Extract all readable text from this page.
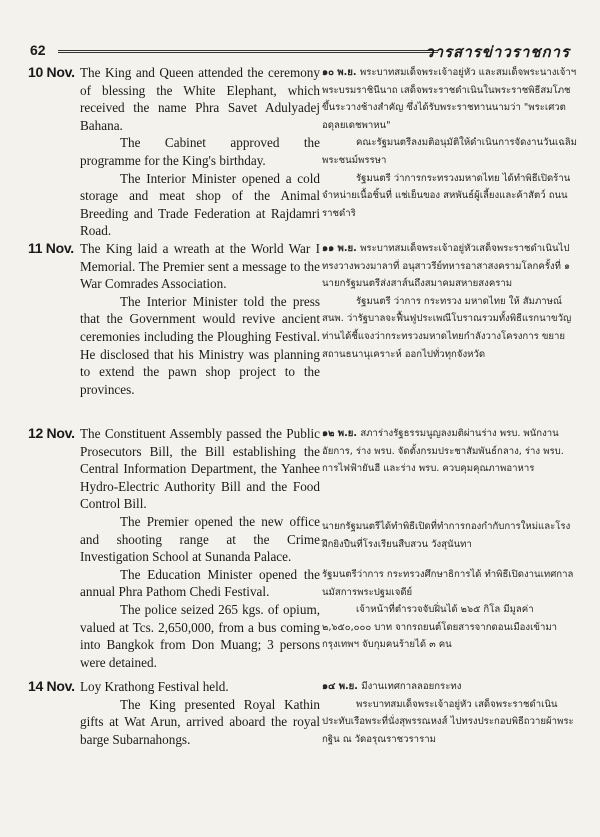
62	วารสารข่าวราชการ
10 Nov. The King and Queen attended the ceremony of blessing the White Elephant, which received the name Phra Savet Adulyadej Bahana.

The Cabinet approved the programme for the King's birthday.

The Interior Minister opened a cold storage and meat shop of the Animal Breeding and Trade Federation at Rajdamri Road.

11 Nov. The King laid a wreath at the World War I Memorial. The Premier sent a message to the War Comrades Association.

The Interior Minister told the press that the Government would revive ancient ceremonies including the Ploughing Festival. He disclosed that his Ministry was planning to extend the pawn shop project to the provinces.

12 Nov. The Constituent Assembly passed the Public Prosecutors Bill, the Bill establishing the Central Information Department, the Yanhee Hydro-Electric Authority Bill and the Food Control Bill.

The Premier opened the new office and shooting range at the Crime Investigation School at Sunanda Palace.

The Education Minister opened the annual Phra Pathom Chedi Festival.

The police seized 265 kgs. of opium, valued at Tcs. 2,650,000, from a bus coming into Bangkok from Don Muang; 3 persons were detained.

14 Nov. Loy Krathong Festival held.

The King presented Royal Kathin gifts at Wat Arun, arrived aboard the royal barge Subarnahongs.

๑๐ พ.ย. พระบาทสมเด็จพระเจ้าอยู่หัว และสมเด็จพระนางเจ้าฯ พระบรมราชินีนาถ เสด็จพระราชดำเนินในพระราชพิธีสมโภชขึ้นระวางช้างสำคัญ ซึ่งได้รับพระราชทานนามว่า "พระเศวตอดุลยเดชพาหน"

คณะรัฐมนตรีลงมติอนุมัติให้ดำเนินการจัดงานวันเฉลิมพระชนม์พรรษา

รัฐมนตรี ว่าการกระทรวงมหาดไทย ได้ทำพิธีเปิดร้านจำหน่ายเนื้อชิ้นที่ แช่เย็นของ สหพันธ์ผู้เลี้ยงและค้าสัตว์ ถนนราชดำริ

๑๑ พ.ย. พระบาทสมเด็จพระเจ้าอยู่หัวเสด็จพระราชดำเนินไปทรงวางพวงมาลาที่ อนุสาวรีย์ทหารอาสาสงครามโลกครั้งที่ ๑ นายกรัฐมนตรีส่งสาส์นถึงสมาคมสหายสงคราม

รัฐมนตรี ว่าการ กระทรวง มหาดไทย ให้ สัมภาษณ์ สนพ. ว่ารัฐบาลจะฟื้นฟูประเพณีโบราณรวมทั้งพิธีแรกนาขวัญ ท่านได้ชี้แจงว่ากระทรวงมหาดไทยกำลังวางโครงการ ขยายสถานธนานุเคราะห์ ออกไปทั่วทุกจังหวัด

๑๒ พ.ย. สภาร่างรัฐธรรมนูญลงมติผ่านร่าง พรบ. พนักงานอัยการ, ร่าง พรบ. จัดตั้งกรมประชาสัมพันธ์กลาง, ร่าง พรบ. การไฟฟ้ายันฮี และร่าง พรบ. ควบคุมคุณภาพอาหาร

นายกรัฐมนตรีได้ทำพิธีเปิดที่ทำการกองกำกับการใหม่และโรงฝึกยิงปืนที่โรงเรียนสืบสวน วังสุนันทา

รัฐมนตรีว่าการ กระทรวงศึกษาธิการได้ ทำพิธีเปิดงานเทศกาลนมัสการพระปฐมเจดีย์

เจ้าหน้าที่ตำรวจจับฝิ่นได้ ๒๖๕ กิโล มีมูลค่า ๒,๖๕๐,๐๐๐ บาท จากรถยนต์โดยสารจากดอนเมืองเข้ามากรุงเทพฯ จับกุมคนร้ายได้ ๓ คน

๑๔ พ.ย. มีงานเทศกาลลอยกระทง

พระบาทสมเด็จพระเจ้าอยู่หัว เสด็จพระราชดำเนินประทับเรือพระที่นั่งสุพรรณหงส์ ไปทรงประกอบพิธีถวายผ้าพระกฐิน ณ วัดอรุณราชวราราม
